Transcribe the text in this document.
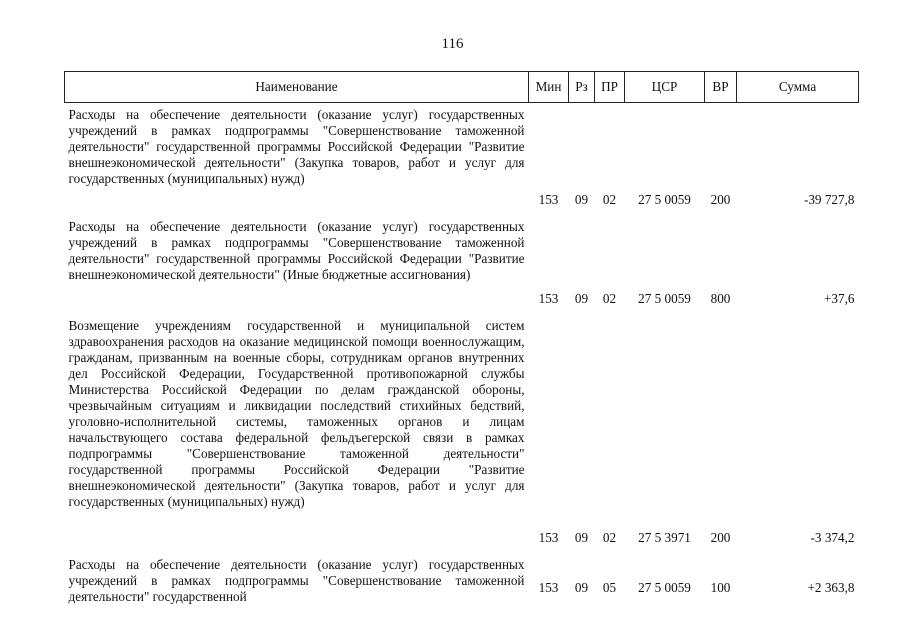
116
Наименование	Мин	Рз	ПР	ЦСР	ВР	Сумма

Расходы на обеспечение деятельности (оказание услуг) государственных учреждений в рамках подпрограммы "Совершенствование таможенной деятельности" государственной программы Российской Федерации "Развитие внешнеэкономической деятельности" (Закупка товаров, работ и услуг для государственных (муниципальных) нужд)	153	09	02	27 5 0059	200	-39 727,8

Расходы на обеспечение деятельности (оказание услуг) государственных учреждений в рамках подпрограммы "Совершенствование таможенной деятельности" государственной программы Российской Федерации "Развитие внешнеэкономической деятельности" (Иные бюджетные ассигнования)	153	09	02	27 5 0059	800	+37,6

Возмещение учреждениям государственной и муниципальной систем здравоохранения расходов на оказание медицинской помощи военнослужащим, гражданам, призванным на военные сборы, сотрудникам органов внутренних дел Российской Федерации, Государственной противопожарной службы Министерства Российской Федерации по делам гражданской обороны, чрезвычайным ситуациям и ликвидации последствий стихийных бедствий, уголовно-исполнительной системы, таможенных органов и лицам начальствующего состава федеральной фельдъегерской связи в рамках подпрограммы "Совершенствование таможенной деятельности" государственной программы Российской Федерации "Развитие внешнеэкономической деятельности" (Закупка товаров, работ и услуг для государственных (муниципальных) нужд)	153	09	02	27 5 3971	200	-3 374,2

Расходы на обеспечение деятельности (оказание услуг) государственных учреждений в рамках подпрограммы "Совершенствование таможенной деятельности" государственной	153	09	05	27 5 0059	100	+2 363,8
